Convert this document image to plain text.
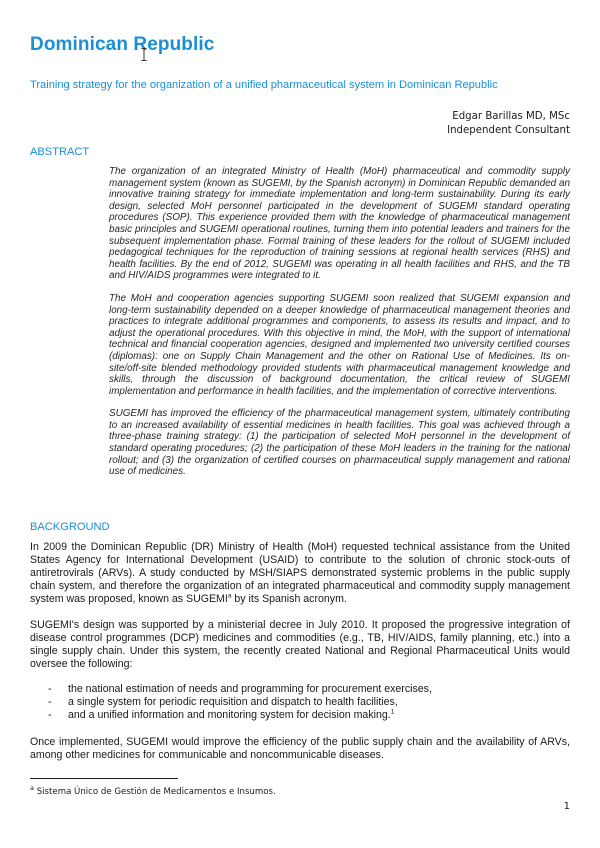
Dominican Republic
Training strategy for the organization of a unified pharmaceutical system in Dominican Republic
Edgar Barillas MD, MSc
Independent Consultant
ABSTRACT

The organization of an integrated Ministry of Health (MoH) pharmaceutical and commodity supply management system (known as SUGEMI, by the Spanish acronym) in Dominican Republic demanded an innovative training strategy for immediate implementation and long-term sustainability. During its early design, selected MoH personnel participated in the development of SUGEMI standard operating procedures (SOP). This experience provided them with the knowledge of pharmaceutical management basic principles and SUGEMI operational routines, turning them into potential leaders and trainers for the subsequent implementation phase. Formal training of these leaders for the rollout of SUGEMI included pedagogical techniques for the reproduction of training sessions at regional health services (RHS) and health facilities. By the end of 2012, SUGEMI was operating in all health facilities and RHS, and the TB and HIV/AIDS programmes were integrated to it.

The MoH and cooperation agencies supporting SUGEMI soon realized that SUGEMI expansion and long-term sustainability depended on a deeper knowledge of pharmaceutical management theories and practices to integrate additional programmes and components, to assess its results and impact, and to adjust the operational procedures. With this objective in mind, the MoH, with the support of international technical and financial cooperation agencies, designed and implemented two university certified courses (diplomas): one on Supply Chain Management and the other on Rational Use of Medicines. Its on-site/off-site blended methodology provided students with pharmaceutical management knowledge and skills, through the discussion of background documentation, the critical review of SUGEMI implementation and performance in health facilities, and the implementation of corrective interventions.

SUGEMI has improved the efficiency of the pharmaceutical management system, ultimately contributing to an increased availability of essential medicines in health facilities. This goal was achieved through a three-phase training strategy: (1) the participation of selected MoH personnel in the development of standard operating procedures; (2) the participation of these MoH leaders in the training for the national rollout; and (3) the organization of certified courses on pharmaceutical supply management and rational use of medicines.

BACKGROUND

In 2009 the Dominican Republic (DR) Ministry of Health (MoH) requested technical assistance from the United States Agency for International Development (USAID) to contribute to the solution of chronic stock-outs of antiretrovirals (ARVs). A study conducted by MSH/SIAPS demonstrated systemic problems in the public supply chain system, and therefore the organization of an integrated pharmaceutical and commodity supply management system was proposed, known as SUGEMI$^a$ by its Spanish acronym.

SUGEMI's design was supported by a ministerial decree in July 2010. It proposed the progressive integration of disease control programmes (DCP) medicines and commodities (e.g., TB, HIV/AIDS, family planning, etc.) into a single supply chain. Under this system, the recently created National and Regional Pharmaceutical Units would oversee the following:

-	the national estimation of needs and programming for procurement exercises,
-	a single system for periodic requisition and dispatch to health facilities,
-	and a unified information and monitoring system for decision making.$^1$

Once implemented, SUGEMI would improve the efficiency of the public supply chain and the availability of ARVs, among other medicines for communicable and noncommunicable diseases.

$^a$ Sistema Único de Gestión de Medicamentos e Insumos.
1
